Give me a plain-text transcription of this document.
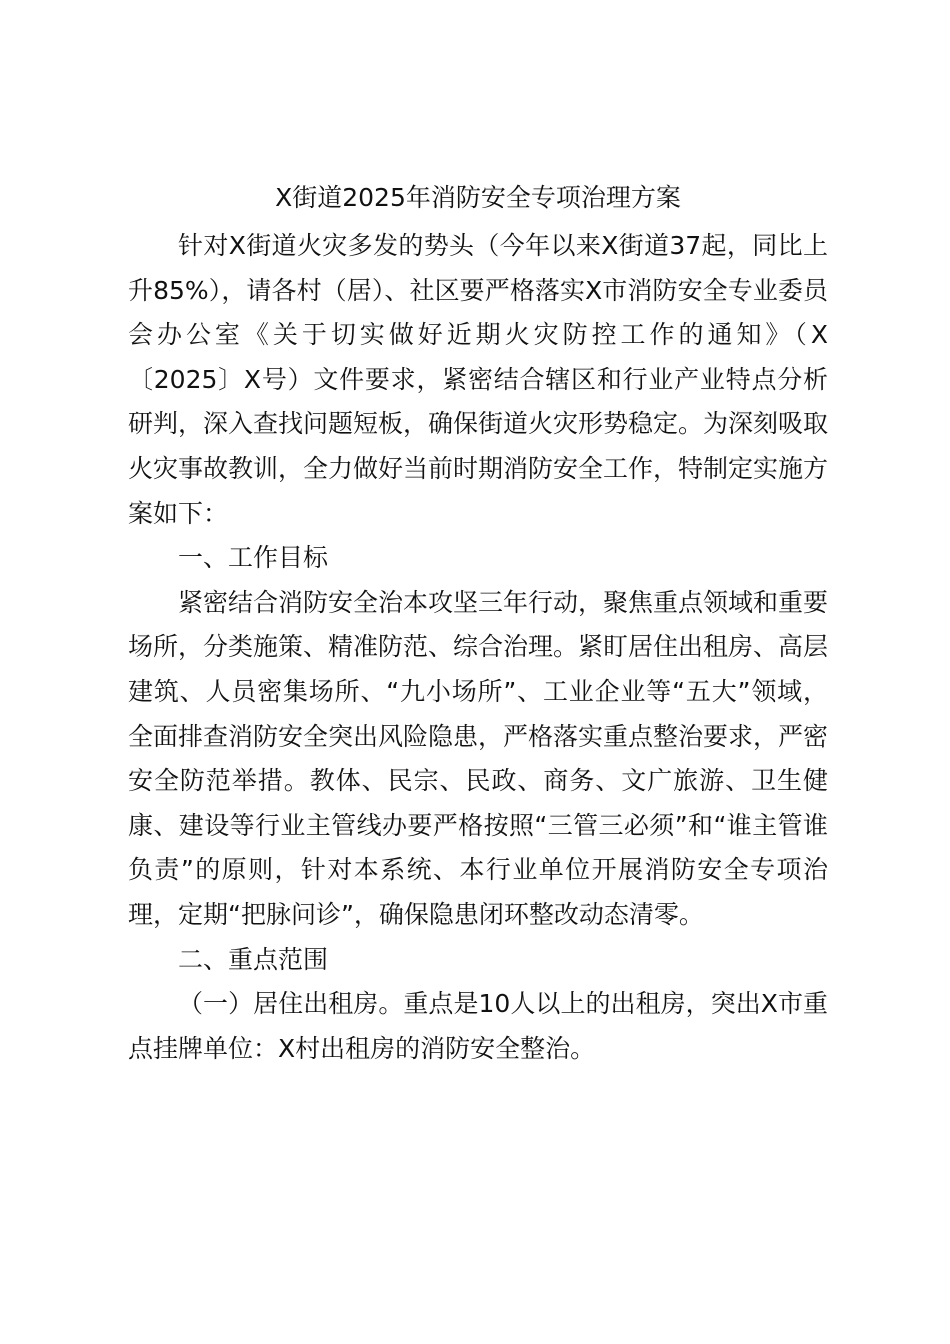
X街道2025年消防安全专项治理方案

针对X街道火灾多发的势头（今年以来X街道37起，同比上升85%），请各村（居）、社区要严格落实X市消防安全专业委员会办公室《关于切实做好近期火灾防控工作的通知》（X〔2025〕X号）文件要求，紧密结合辖区和行业产业特点分析研判，深入查找问题短板，确保街道火灾形势稳定。为深刻吸取火灾事故教训，全力做好当前时期消防安全工作，特制定实施方案如下：

一、工作目标

紧密结合消防安全治本攻坚三年行动，聚焦重点领域和重要场所，分类施策、精准防范、综合治理。紧盯居住出租房、高层建筑、人员密集场所、“九小场所”、工业企业等“五大”领域，全面排查消防安全突出风险隐患，严格落实重点整治要求，严密安全防范举措。教体、民宗、民政、商务、文广旅游、卫生健康、建设等行业主管线办要严格按照“三管三必须”和“谁主管谁负责”的原则，针对本系统、本行业单位开展消防安全专项治理，定期“把脉问诊”，确保隐患闭环整改动态清零。

二、重点范围

（一）居住出租房。重点是10人以上的出租房，突出X市重点挂牌单位：X村出租房的消防安全整治。
